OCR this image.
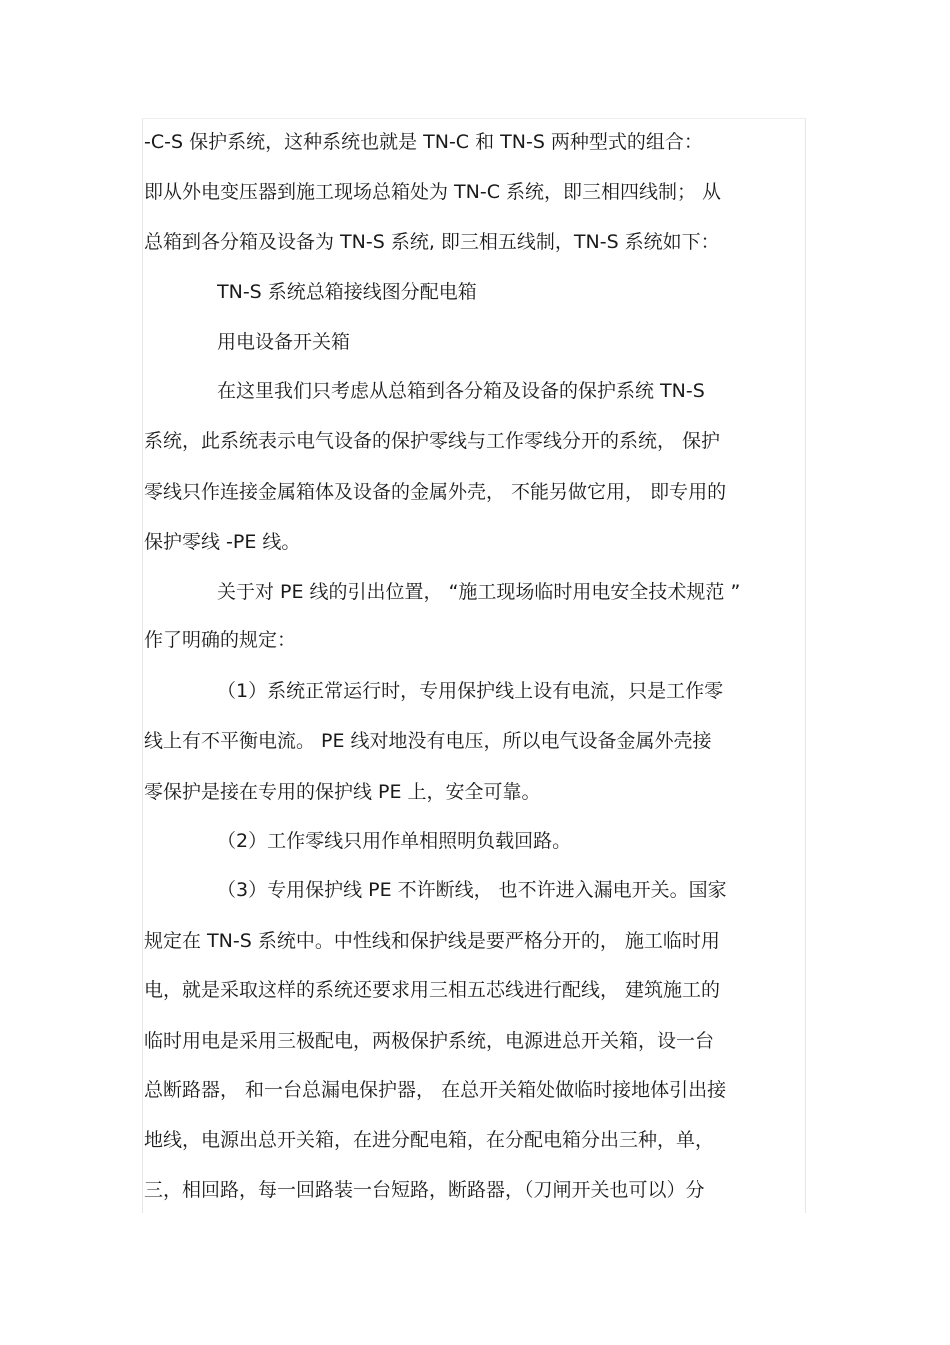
-C-S 保护系统，这种系统也就是 TN-C 和 TN-S 两种型式的组合：
即从外电变压器到施工现场总箱处为 TN-C 系统，即三相四线制； 从
总箱到各分箱及设备为 TN-S 系统, 即三相五线制，TN-S 系统如下：
TN-S 系统总箱接线图分配电箱
用电设备开关箱
在这里我们只考虑从总箱到各分箱及设备的保护系统 TN-S
系统，此系统表示电气设备的保护零线与工作零线分开的系统， 保护
零线只作连接金属箱体及设备的金属外壳， 不能另做它用， 即专用的
保护零线 -PE 线。
关于对 PE 线的引出位置， “施工现场临时用电安全技术规范 ”
作了明确的规定：
（1）系统正常运行时，专用保护线上设有电流，只是工作零
线上有不平衡电流。 PE 线对地没有电压，所以电气设备金属外壳接
零保护是接在专用的保护线 PE 上，安全可靠。
（2）工作零线只用作单相照明负载回路。
（3）专用保护线 PE 不许断线， 也不许进入漏电开关。国家
规定在 TN-S 系统中。中性线和保护线是要严格分开的， 施工临时用
电，就是采取这样的系统还要求用三相五芯线进行配线， 建筑施工的
临时用电是采用三极配电，两极保护系统，电源进总开关箱，设一台
总断路器， 和一台总漏电保护器， 在总开关箱处做临时接地体引出接
地线，电源出总开关箱，在进分配电箱，在分配电箱分出三种，单，
三，相回路，每一回路装一台短路，断路器，（刀闸开关也可以）分
